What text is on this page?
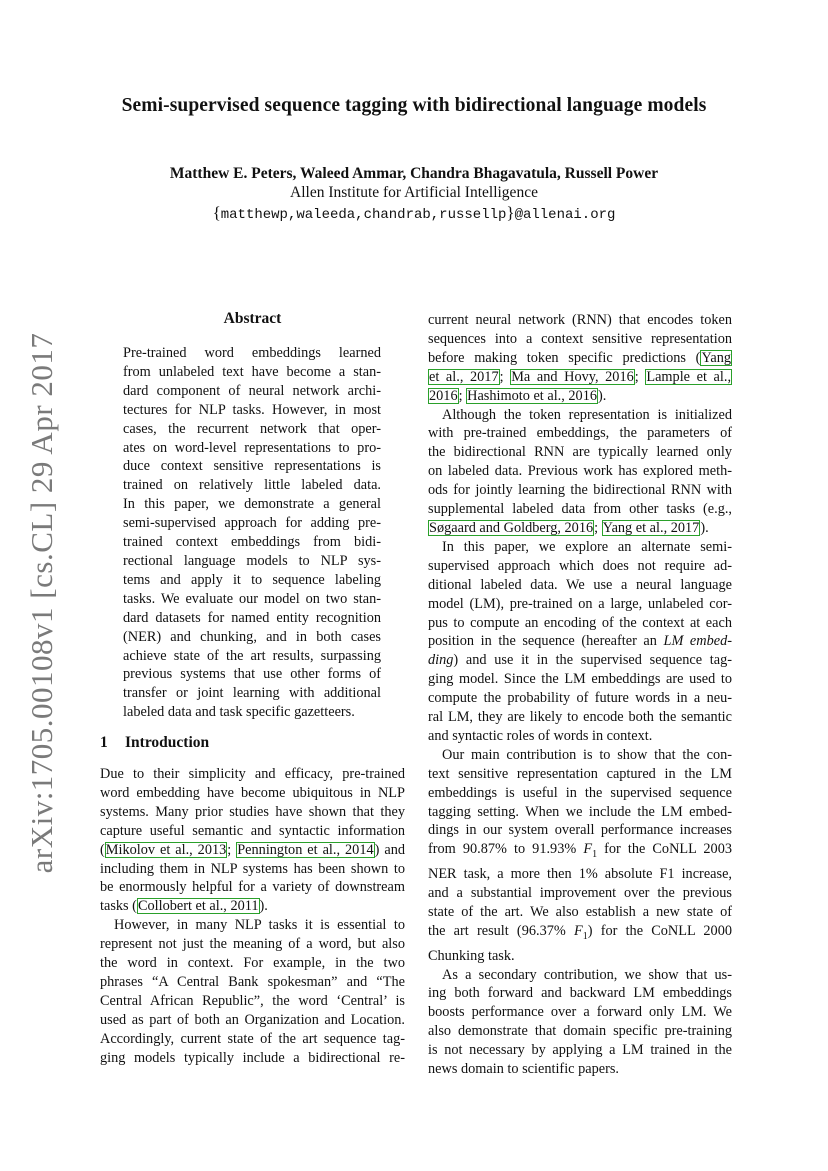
Semi-supervised sequence tagging with bidirectional language models
Matthew E. Peters, Waleed Ammar, Chandra Bhagavatula, Russell Power
Allen Institute for Artificial Intelligence
{matthewp,waleeda,chandrab,russellp}@allenai.org
arXiv:1705.00108v1 [cs.CL] 29 Apr 2017
Abstract
Pre-trained word embeddings learned
from unlabeled text have become a stan-
dard component of neural network archi-
tectures for NLP tasks. However, in most
cases, the recurrent network that oper-
ates on word-level representations to pro-
duce context sensitive representations is
trained on relatively little labeled data.
In this paper, we demonstrate a general
semi-supervised approach for adding pre-
trained context embeddings from bidi-
rectional language models to NLP sys-
tems and apply it to sequence labeling
tasks. We evaluate our model on two stan-
dard datasets for named entity recognition
(NER) and chunking, and in both cases
achieve state of the art results, surpassing
previous systems that use other forms of
transfer or joint learning with additional
labeled data and task specific gazetteers.
1 Introduction
Due to their simplicity and efficacy, pre-trained
word embedding have become ubiquitous in NLP
systems. Many prior studies have shown that they
capture useful semantic and syntactic information
(Mikolov et al., 2013; Pennington et al., 2014) and
including them in NLP systems has been shown to
be enormously helpful for a variety of downstream
tasks (Collobert et al., 2011).
However, in many NLP tasks it is essential to
represent not just the meaning of a word, but also
the word in context. For example, in the two
phrases “A Central Bank spokesman” and “The
Central African Republic”, the word ‘Central’ is
used as part of both an Organization and Location.
Accordingly, current state of the art sequence tag-
ging models typically include a bidirectional re-
current neural network (RNN) that encodes token
sequences into a context sensitive representation
before making token specific predictions (Yang
et al., 2017; Ma and Hovy, 2016; Lample et al.,
2016; Hashimoto et al., 2016).
Although the token representation is initialized
with pre-trained embeddings, the parameters of
the bidirectional RNN are typically learned only
on labeled data. Previous work has explored meth-
ods for jointly learning the bidirectional RNN with
supplemental labeled data from other tasks (e.g.,
Søgaard and Goldberg, 2016; Yang et al., 2017).
In this paper, we explore an alternate semi-
supervised approach which does not require ad-
ditional labeled data. We use a neural language
model (LM), pre-trained on a large, unlabeled cor-
pus to compute an encoding of the context at each
position in the sequence (hereafter an LM embed-
ding) and use it in the supervised sequence tag-
ging model. Since the LM embeddings are used to
compute the probability of future words in a neu-
ral LM, they are likely to encode both the semantic
and syntactic roles of words in context.
Our main contribution is to show that the con-
text sensitive representation captured in the LM
embeddings is useful in the supervised sequence
tagging setting. When we include the LM embed-
dings in our system overall performance increases
from 90.87% to 91.93% $F_1$ for the CoNLL 2003
NER task, a more then 1% absolute F1 increase,
and a substantial improvement over the previous
state of the art. We also establish a new state of
the art result (96.37% $F_1$) for the CoNLL 2000
Chunking task.
As a secondary contribution, we show that us-
ing both forward and backward LM embeddings
boosts performance over a forward only LM. We
also demonstrate that domain specific pre-training
is not necessary by applying a LM trained in the
news domain to scientific papers.
